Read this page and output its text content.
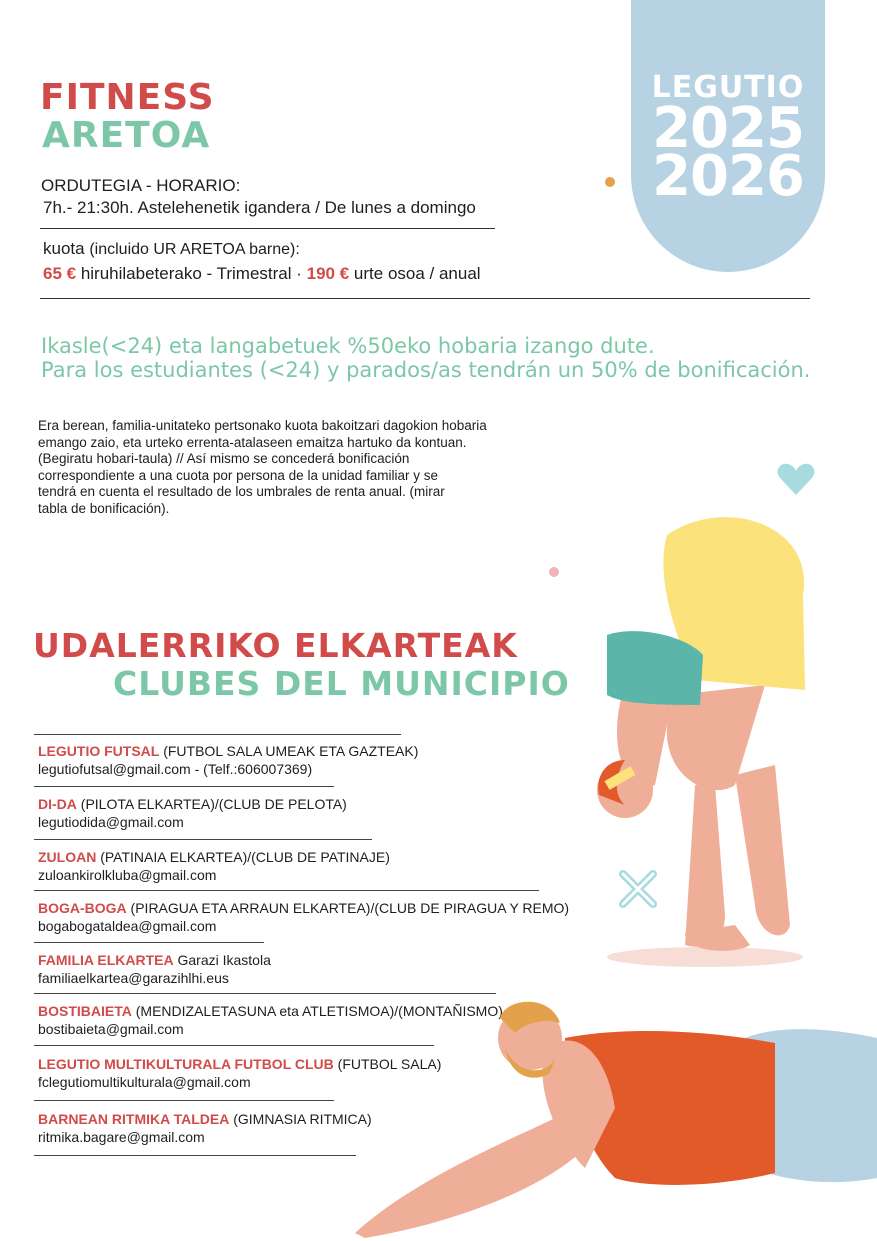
LEGUTIO
2025
2026
FITNESS
ARETOA
ORDUTEGIA - HORARIO:
7h.- 21:30h. Astelehenetik igandera / De lunes a domingo
kuota (incluido UR ARETOA barne):
65 € hiruhilabeterako - Trimestral · 190 € urte osoa / anual
Ikasle(<24) eta langabetuek %50eko hobaria izango dute.
Para los estudiantes (<24) y parados/as tendrán un 50% de bonificación.
Era berean, familia-unitateko pertsonako kuota bakoitzari dagokion hobaria
emango zaio, eta urteko errenta-atalaseen emaitza hartuko da kontuan.
(Begiratu hobari-taula) // Así mismo se concederá bonificación
correspondiente a una cuota por persona de la unidad familiar y se
tendrá en cuenta el resultado de los umbrales de renta anual. (mirar
tabla de bonificación).
UDALERRIKO ELKARTEAK
CLUBES DEL MUNICIPIO
LEGUTIO FUTSAL (FUTBOL SALA UMEAK ETA GAZTEAK)
legutiofutsal@gmail.com - (Telf.:606007369)
DI-DA (PILOTA ELKARTEA)/(CLUB DE PELOTA)
legutiodida@gmail.com
ZULOAN (PATINAIA ELKARTEA)/(CLUB DE PATINAJE)
zuloankirolkluba@gmail.com
BOGA-BOGA (PIRAGUA ETA ARRAUN ELKARTEA)/(CLUB DE PIRAGUA Y REMO)
bogabogataldea@gmail.com
FAMILIA ELKARTEA Garazi Ikastola
familiaelkartea@garazihlhi.eus
BOSTIBAIETA (MENDIZALETASUNA eta ATLETISMOA)/(MONTAÑISMO)
bostibaieta@gmail.com
LEGUTIO MULTIKULTURALA FUTBOL CLUB (FUTBOL SALA)
fclegutiomultikulturala@gmail.com
BARNEAN RITMIKA TALDEA (GIMNASIA RITMICA)
ritmika.bagare@gmail.com
